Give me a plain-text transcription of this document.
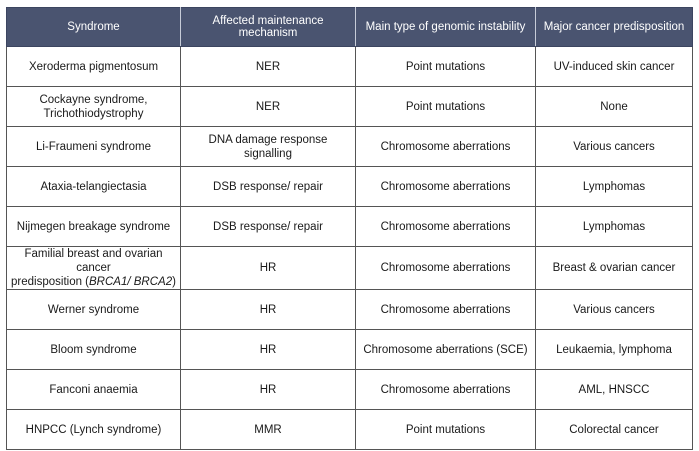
Syndrome	Affected maintenance mechanism	Main type of genomic instability	Major cancer predisposition
Xeroderma pigmentosum	NER	Point mutations	UV-induced skin cancer
Cockayne syndrome,
Trichothiodystrophy	NER	Point mutations	None
Li-Fraumeni syndrome	DNA damage response signalling	Chromosome aberrations	Various cancers
Ataxia-telangiectasia	DSB response/ repair	Chromosome aberrations	Lymphomas
Nijmegen breakage syndrome	DSB response/ repair	Chromosome aberrations	Lymphomas
Familial breast and ovarian cancer
predisposition (BRCA1/ BRCA2)	HR	Chromosome aberrations	Breast & ovarian cancer
Werner syndrome	HR	Chromosome aberrations	Various cancers
Bloom syndrome	HR	Chromosome aberrations (SCE)	Leukaemia, lymphoma
Fanconi anaemia	HR	Chromosome aberrations	AML, HNSCC
HNPCC (Lynch syndrome)	MMR	Point mutations	Colorectal cancer
